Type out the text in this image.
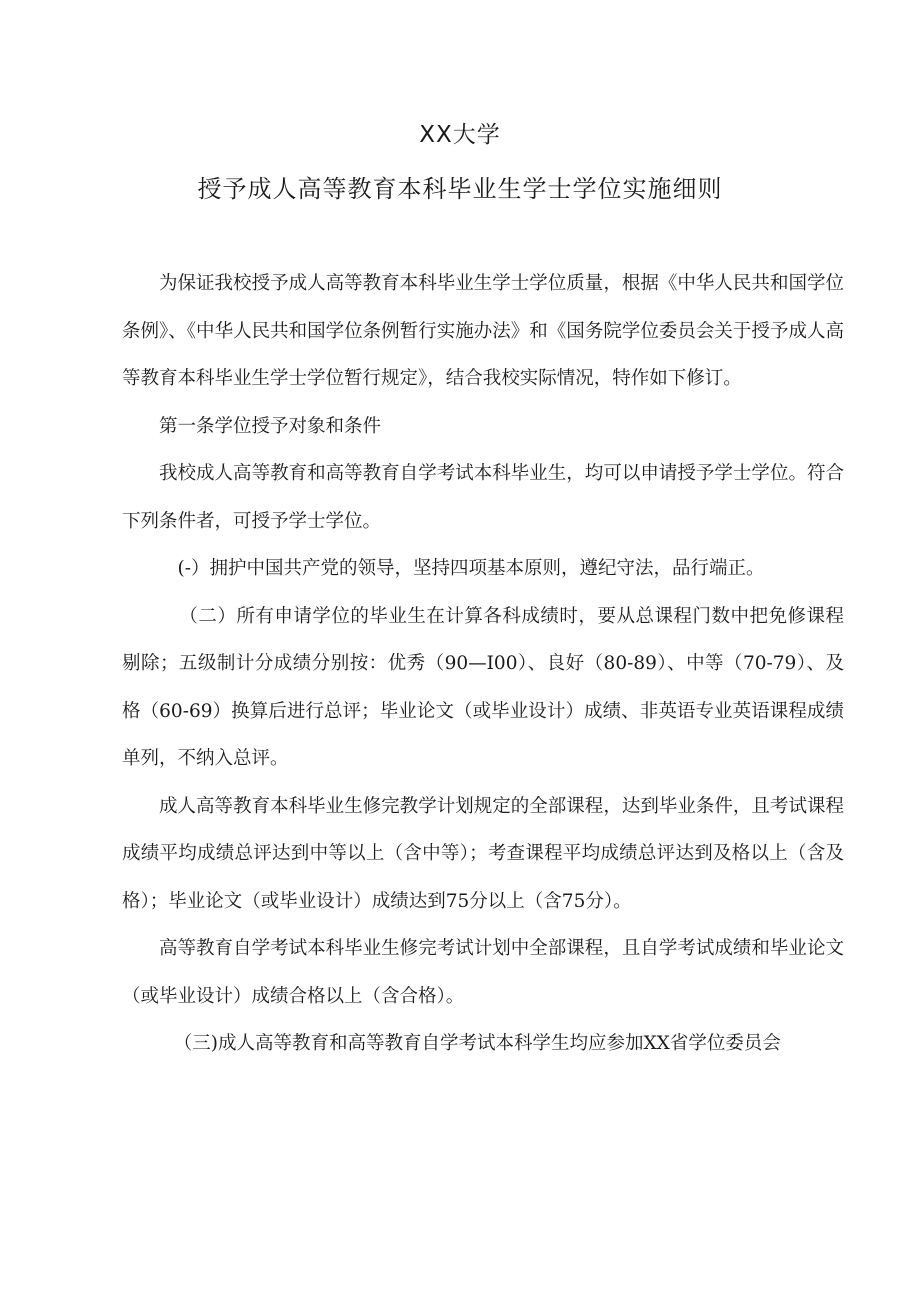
XX大学
授予成人高等教育本科毕业生学士学位实施细则

为保证我校授予成人高等教育本科毕业生学士学位质量，根据《中华人民共和国学位条例》、《中华人民共和国学位条例暂行实施办法》和《国务院学位委员会关于授予成人高等教育本科毕业生学士学位暂行规定》，结合我校实际情况，特作如下修订。

第一条学位授予对象和条件

我校成人高等教育和高等教育自学考试本科毕业生，均可以申请授予学士学位。符合下列条件者，可授予学士学位。

(-）拥护中国共产党的领导，坚持四项基本原则，遵纪守法，品行端正。

（二）所有申请学位的毕业生在计算各科成绩时，要从总课程门数中把免修课程剔除；五级制计分成绩分别按：优秀（90—I00）、良好（80-89）、中等（70-79）、及格（60-69）换算后进行总评；毕业论文（或毕业设计）成绩、非英语专业英语课程成绩单列，不纳入总评。

成人高等教育本科毕业生修完教学计划规定的全部课程，达到毕业条件，且考试课程成绩平均成绩总评达到中等以上（含中等）；考查课程平均成绩总评达到及格以上（含及格）；毕业论文（或毕业设计）成绩达到75分以上（含75分）。

高等教育自学考试本科毕业生修完考试计划中全部课程，且自学考试成绩和毕业论文（或毕业设计）成绩合格以上（含合格）。

（三)成人高等教育和高等教育自学考试本科学生均应参加XX省学位委员会
